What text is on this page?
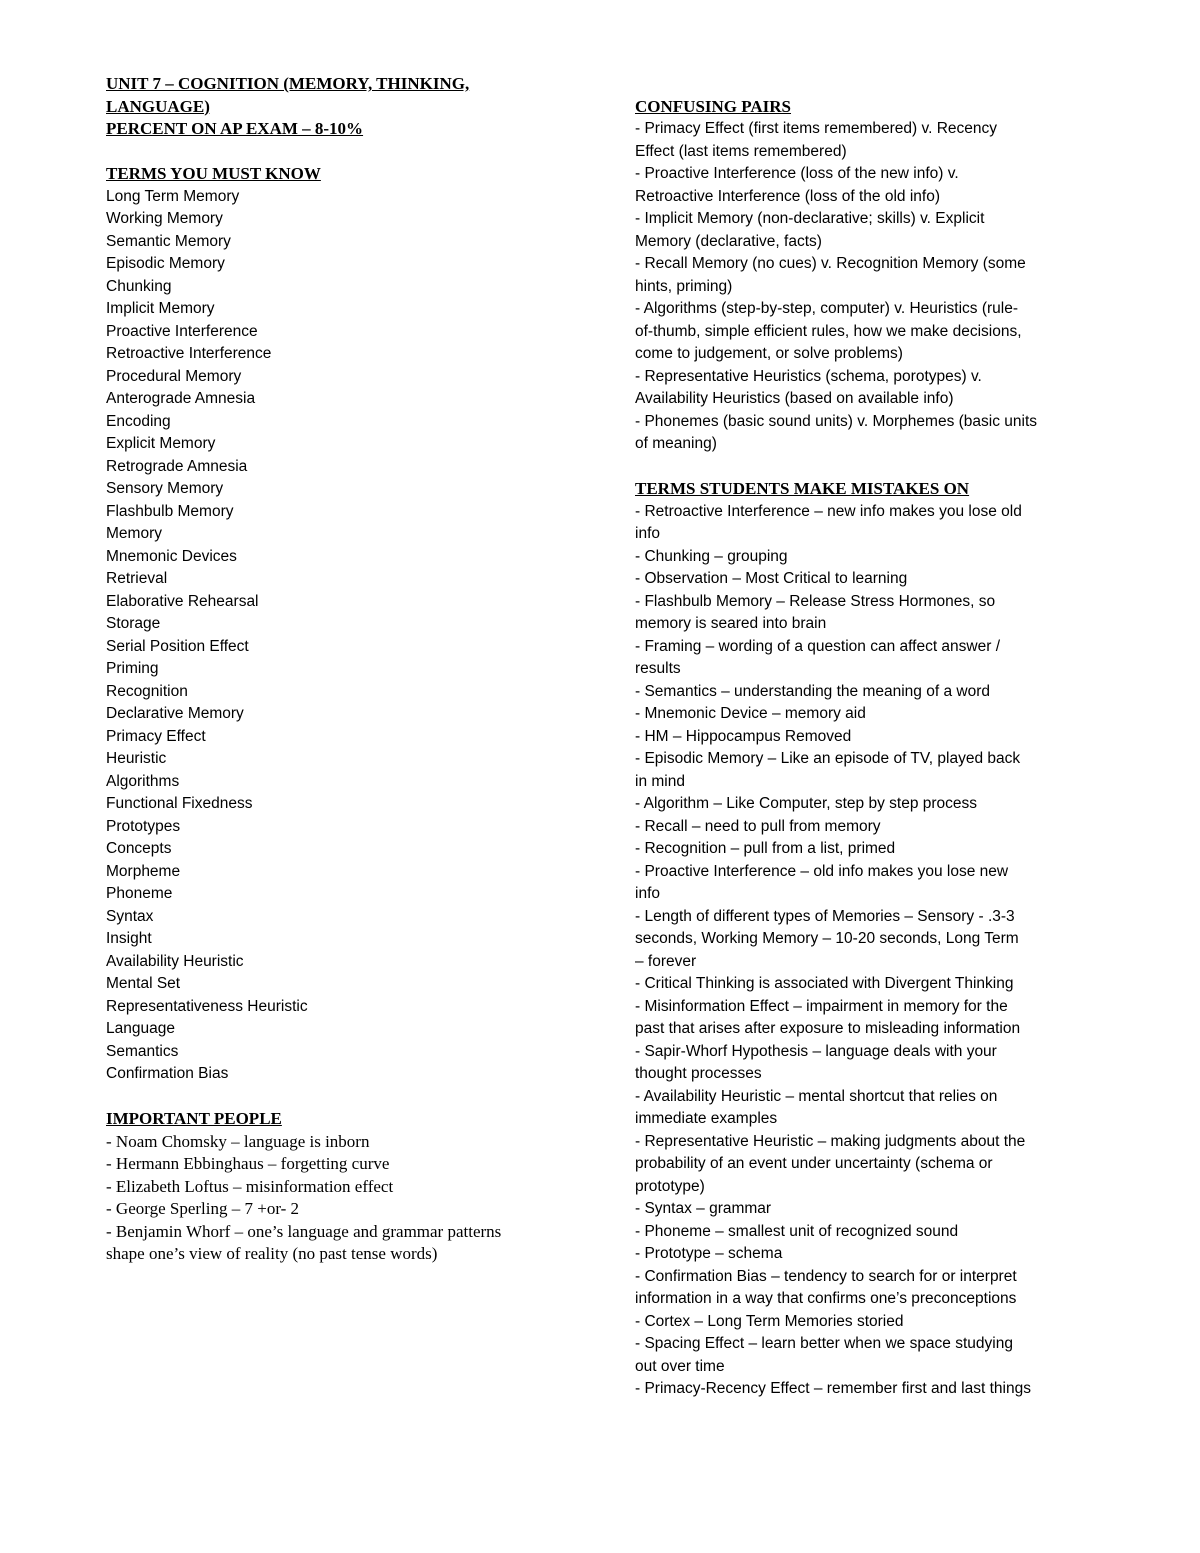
UNIT 7 – COGNITION (MEMORY, THINKING,
LANGUAGE)
PERCENT ON AP EXAM – 8-10%
TERMS YOU MUST KNOW
Long Term Memory
Working Memory
Semantic Memory
Episodic Memory
Chunking
Implicit Memory
Proactive Interference
Retroactive Interference
Procedural Memory
Anterograde Amnesia
Encoding
Explicit Memory
Retrograde Amnesia
Sensory Memory
Flashbulb Memory
Memory
Mnemonic Devices
Retrieval
Elaborative Rehearsal
Storage
Serial Position Effect
Priming
Recognition
Declarative Memory
Primacy Effect
Heuristic
Algorithms
Functional Fixedness
Prototypes
Concepts
Morpheme
Phoneme
Syntax
Insight
Availability Heuristic
Mental Set
Representativeness Heuristic
Language
Semantics
Confirmation Bias
IMPORTANT PEOPLE
- Noam Chomsky – language is inborn
- Hermann Ebbinghaus – forgetting curve
- Elizabeth Loftus – misinformation effect
- George Sperling – 7 +or- 2
- Benjamin Whorf – one’s language and grammar patterns
shape one’s view of reality (no past tense words)
CONFUSING PAIRS
- Primacy Effect (first items remembered) v. Recency
Effect (last items remembered)
- Proactive Interference (loss of the new info) v.
Retroactive Interference (loss of the old info)
- Implicit Memory (non-declarative; skills) v. Explicit
Memory (declarative, facts)
- Recall Memory (no cues) v. Recognition Memory (some
hints, priming)
- Algorithms (step-by-step, computer) v. Heuristics (rule-
of-thumb, simple efficient rules, how we make decisions,
come to judgement, or solve problems)
- Representative Heuristics (schema, porotypes) v.
Availability Heuristics (based on available info)
- Phonemes (basic sound units) v. Morphemes (basic units
of meaning)
TERMS STUDENTS MAKE MISTAKES ON
- Retroactive Interference – new info makes you lose old
info
- Chunking – grouping
- Observation – Most Critical to learning
- Flashbulb Memory – Release Stress Hormones, so
memory is seared into brain
- Framing – wording of a question can affect answer /
results
- Semantics – understanding the meaning of a word
- Mnemonic Device – memory aid
- HM – Hippocampus Removed
- Episodic Memory – Like an episode of TV, played back
in mind
- Algorithm – Like Computer, step by step process
- Recall – need to pull from memory
- Recognition – pull from a list, primed
- Proactive Interference – old info makes you lose new
info
- Length of different types of Memories – Sensory - .3-3
seconds, Working Memory – 10-20 seconds, Long Term
– forever
- Critical Thinking is associated with Divergent Thinking
- Misinformation Effect – impairment in memory for the
past that arises after exposure to misleading information
- Sapir-Whorf Hypothesis – language deals with your
thought processes
- Availability Heuristic – mental shortcut that relies on
immediate examples
- Representative Heuristic – making judgments about the
probability of an event under uncertainty (schema or
prototype)
- Syntax – grammar
- Phoneme – smallest unit of recognized sound
- Prototype – schema
- Confirmation Bias – tendency to search for or interpret
information in a way that confirms one’s preconceptions
- Cortex – Long Term Memories storied
- Spacing Effect – learn better when we space studying
out over time
- Primacy-Recency Effect – remember first and last things
